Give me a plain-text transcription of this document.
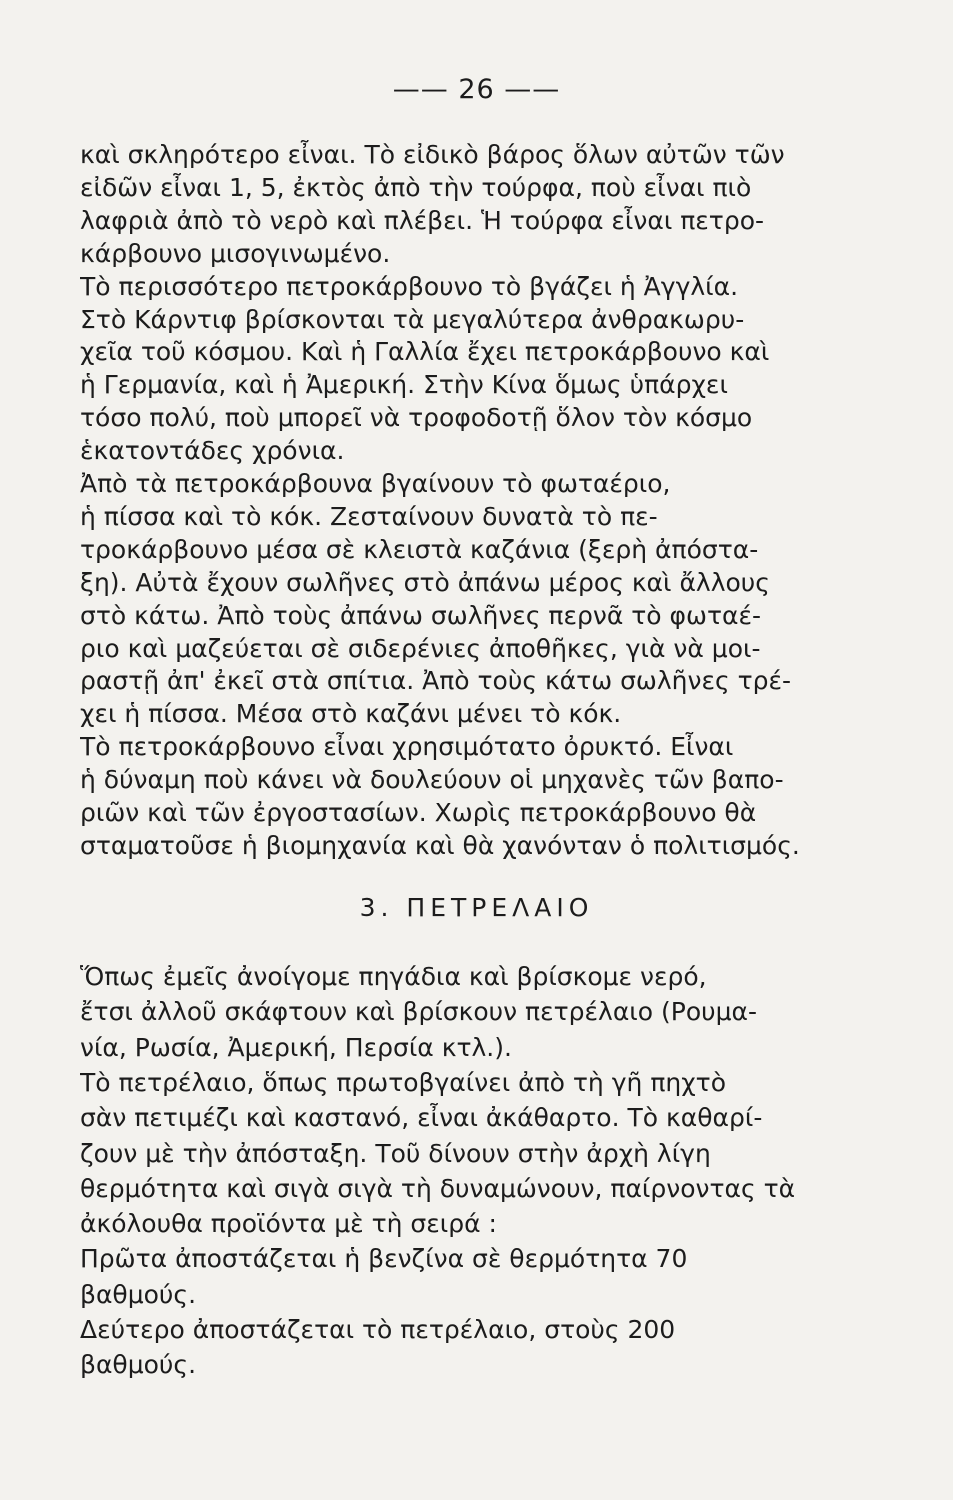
—— 26 ——
καὶ σκληρότερο εἶναι. Τὸ εἰδικὸ βάρος ὅλων αὐτῶν τῶν
εἰδῶν εἶναι 1, 5, ἐκτὸς ἀπὸ τὴν τούρφα, ποὺ εἶναι πιὸ
λαφριὰ ἀπὸ τὸ νερὸ καὶ πλέβει. Ἡ τούρφα εἶναι πετρο-
κάρβουνο μισογινωμένο.
Τὸ περισσότερο πετροκάρβουνο τὸ βγάζει ἡ Ἀγγλία.
Στὸ Κάρντιφ βρίσκονται τὰ μεγαλύτερα ἀνθρακωρυ-
χεῖα τοῦ κόσμου. Καὶ ἡ Γαλλία ἔχει πετροκάρβουνο καὶ
ἡ Γερμανία, καὶ ἡ Ἀμερική. Στὴν Κίνα ὅμως ὑπάρχει
τόσο πολύ, ποὺ μπορεῖ νὰ τροφοδοτῇ ὅλον τὸν κόσμο
ἑκατοντάδες χρόνια.
Ἀπὸ τὰ πετροκάρβουνα βγαίνουν τὸ φωταέριο,
ἡ πίσσα καὶ τὸ κόκ. Ζεσταίνουν δυνατὰ τὸ πε-
τροκάρβουνο μέσα σὲ κλειστὰ καζάνια (ξερὴ ἀπόστα-
ξη). Αὐτὰ ἔχουν σωλῆνες στὸ ἀπάνω μέρος καὶ ἄλλους
στὸ κάτω. Ἀπὸ τοὺς ἀπάνω σωλῆνες περνᾶ τὸ φωταέ-
ριο καὶ μαζεύεται σὲ σιδερένιες ἀποθῆκες, γιὰ νὰ μοι-
ραστῇ ἀπ' ἐκεῖ στὰ σπίτια. Ἀπὸ τοὺς κάτω σωλῆνες τρέ-
χει ἡ πίσσα. Μέσα στὸ καζάνι μένει τὸ κόκ.
Τὸ πετροκάρβουνο εἶναι χρησιμότατο ὀρυκτό. Εἶναι
ἡ δύναμη ποὺ κάνει νὰ δουλεύουν οἱ μηχανὲς τῶν βαπο-
ριῶν καὶ τῶν ἐργοστασίων. Χωρὶς πετροκάρβουνο θὰ
σταματοῦσε ἡ βιομηχανία καὶ θὰ χανόνταν ὁ πολιτισμός.
3. ΠΕΤΡΕΛΑΙΟ
Ὅπως ἐμεῖς ἀνοίγομε πηγάδια καὶ βρίσκομε νερό,
ἔτσι ἀλλοῦ σκάφτουν καὶ βρίσκουν πετρέλαιο (Ρουμα-
νία, Ρωσία, Ἀμερική, Περσία κτλ.).
Τὸ πετρέλαιο, ὅπως πρωτοβγαίνει ἀπὸ τὴ γῆ πηχτὸ
σὰν πετιμέζι καὶ καστανό, εἶναι ἀκάθαρτο. Τὸ καθαρί-
ζουν μὲ τὴν ἀπόσταξη. Τοῦ δίνουν στὴν ἀρχὴ λίγη
θερμότητα καὶ σιγὰ σιγὰ τὴ δυναμώνουν, παίρνοντας τὰ
ἀκόλουθα προϊόντα μὲ τὴ σειρά :
Πρῶτα ἀποστάζεται ἡ βενζίνα σὲ θερμότητα 70
βαθμούς.
Δεύτερο ἀποστάζεται τὸ πετρέλαιο, στοὺς 200
βαθμούς.
